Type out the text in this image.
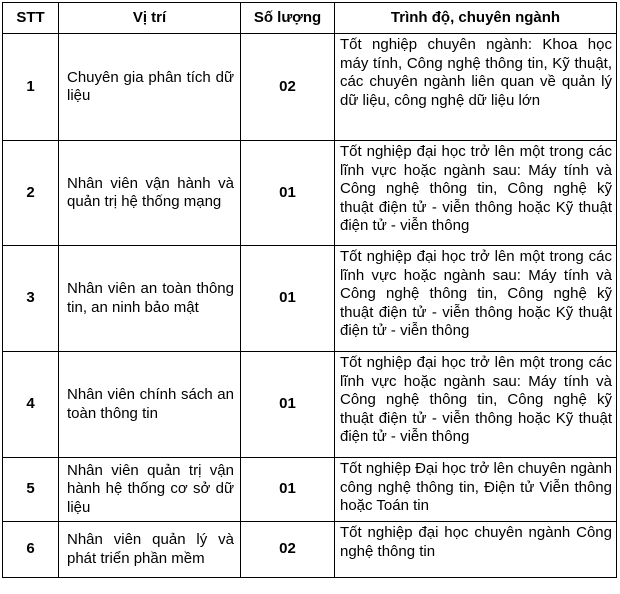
STT	Vị trí	Số lượng	Trình độ, chuyên ngành
1	Chuyên gia phân tích dữ liệu	02	Tốt nghiệp chuyên ngành: Khoa học máy tính, Công nghệ thông tin, Kỹ thuật, các chuyên ngành liên quan về quản lý dữ liệu, công nghệ dữ liệu lớn
2	Nhân viên vận hành và quản trị hệ thống mạng	01	Tốt nghiệp đại học trở lên một trong các lĩnh vực hoặc ngành sau: Máy tính và Công nghệ thông tin, Công nghệ kỹ thuật điện tử - viễn thông hoặc Kỹ thuật điện tử - viễn thông
3	Nhân viên an toàn thông tin, an ninh bảo mật	01	Tốt nghiệp đại học trở lên một trong các lĩnh vực hoặc ngành sau: Máy tính và Công nghệ thông tin, Công nghệ kỹ thuật điện tử - viễn thông hoặc Kỹ thuật điện tử - viễn thông
4	Nhân viên chính sách an toàn thông tin	01	Tốt nghiệp đại học trở lên một trong các lĩnh vực hoặc ngành sau: Máy tính và Công nghệ thông tin, Công nghệ kỹ thuật điện tử - viễn thông hoặc Kỹ thuật điện tử - viễn thông
5	Nhân viên quản trị vận hành hệ thống cơ sở dữ liệu	01	Tốt nghiệp Đại học trở lên chuyên ngành công nghệ thông tin, Điện tử Viễn thông hoặc Toán tin
6	Nhân viên quản lý và phát triển phần mềm	02	Tốt nghiệp đại học chuyên ngành Công nghệ thông tin
